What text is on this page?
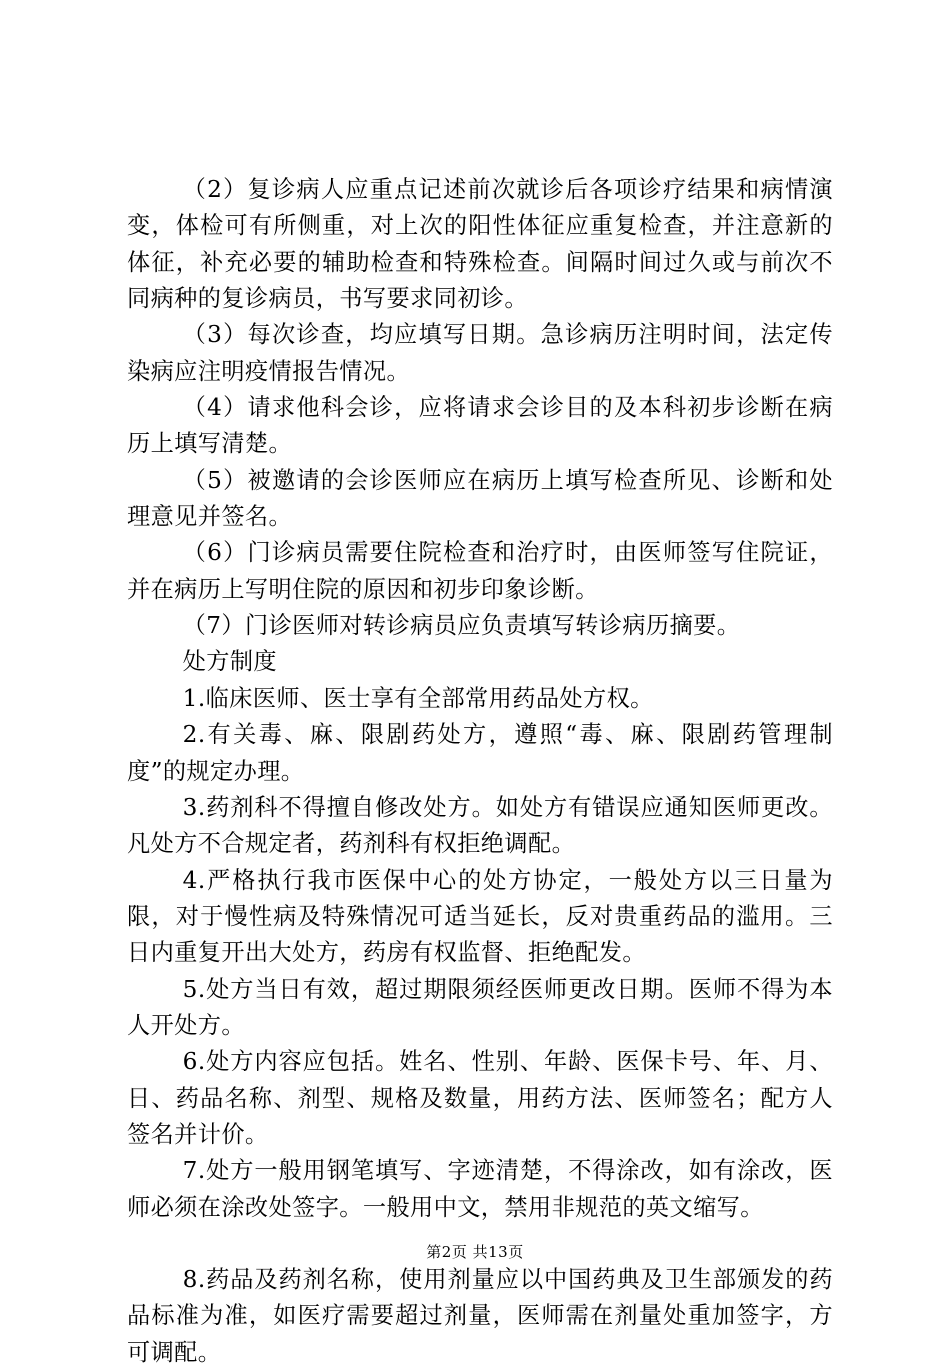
（2）复诊病人应重点记述前次就诊后各项诊疗结果和病情演变，体检可有所侧重，对上次的阳性体征应重复检查，并注意新的体征，补充必要的辅助检查和特殊检查。间隔时间过久或与前次不同病种的复诊病员，书写要求同初诊。

（3）每次诊查，均应填写日期。急诊病历注明时间，法定传染病应注明疫情报告情况。

（4）请求他科会诊，应将请求会诊目的及本科初步诊断在病历上填写清楚。

（5）被邀请的会诊医师应在病历上填写检查所见、诊断和处理意见并签名。

（6）门诊病员需要住院检查和治疗时，由医师签写住院证，并在病历上写明住院的原因和初步印象诊断。

（7）门诊医师对转诊病员应负责填写转诊病历摘要。

处方制度

1.临床医师、医士享有全部常用药品处方权。

2.有关毒、麻、限剧药处方，遵照“毒、麻、限剧药管理制度”的规定办理。

3.药剂科不得擅自修改处方。如处方有错误应通知医师更改。凡处方不合规定者，药剂科有权拒绝调配。

4.严格执行我市医保中心的处方协定，一般处方以三日量为限，对于慢性病及特殊情况可适当延长，反对贵重药品的滥用。三日内重复开出大处方，药房有权监督、拒绝配发。

5.处方当日有效，超过期限须经医师更改日期。医师不得为本人开处方。

6.处方内容应包括。姓名、性别、年龄、医保卡号、年、月、日、药品名称、剂型、规格及数量，用药方法、医师签名；配方人签名并计价。

7.处方一般用钢笔填写、字迹清楚，不得涂改，如有涂改，医师必须在涂改处签字。一般用中文，禁用非规范的英文缩写。

8.药品及药剂名称，使用剂量应以中国药典及卫生部颁发的药品标准为准，如医疗需要超过剂量，医师需在剂量处重加签字，方可调配。

第2页 共13页
